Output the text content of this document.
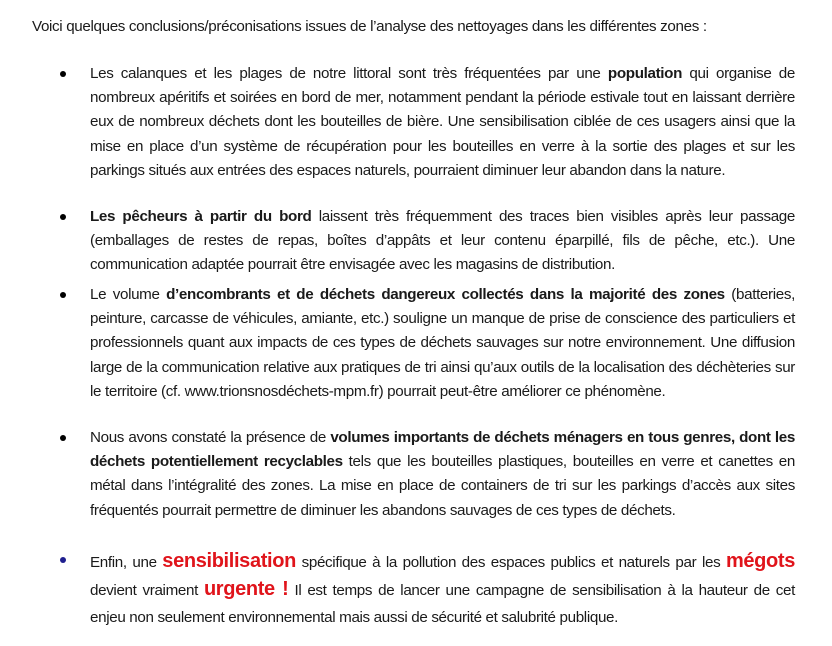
Voici quelques conclusions/préconisations issues de l’analyse des nettoyages dans les différentes zones :
Les calanques et les plages de notre littoral sont très fréquentées par une population qui organise de nombreux apéritifs et soirées en bord de mer, notamment pendant la période estivale tout en laissant derrière eux de nombreux déchets dont les bouteilles de bière. Une sensibilisation ciblée de ces usagers ainsi que la mise en place d’un système de récupération pour les bouteilles en verre à la sortie des plages et sur les parkings situés aux entrées des espaces naturels, pourraient diminuer leur abandon dans la nature.
Les pêcheurs à partir du bord laissent très fréquemment des traces bien visibles après leur passage (emballages de restes de repas, boîtes d’appâts et leur contenu éparpillé, fils de pêche, etc.). Une communication adaptée pourrait être envisagée avec les magasins de distribution.
Le volume d’encombrants et de déchets dangereux collectés dans la majorité des zones (batteries, peinture, carcasse de véhicules, amiante, etc.) souligne un manque de prise de conscience des particuliers et professionnels quant aux impacts de ces types de déchets sauvages sur notre environnement. Une diffusion large de la communication relative aux pratiques de tri ainsi qu’aux outils de la localisation des déchèteries sur le territoire (cf. www.trionsnosdéchets-mpm.fr) pourrait peut-être améliorer ce phénomène.
Nous avons constaté la présence de volumes importants de déchets ménagers en tous genres, dont les déchets potentiellement recyclables tels que les bouteilles plastiques, bouteilles en verre et canettes en métal dans l’intégralité des zones. La mise en place de containers de tri sur les parkings d’accès aux sites fréquentés pourrait permettre de diminuer les abandons sauvages de ces types de déchets.
Enfin, une sensibilisation spécifique à la pollution des espaces publics et naturels par les mégots devient vraiment urgente ! Il est temps de lancer une campagne de sensibilisation à la hauteur de cet enjeu non seulement environnemental mais aussi de sécurité et salubrité publique.
